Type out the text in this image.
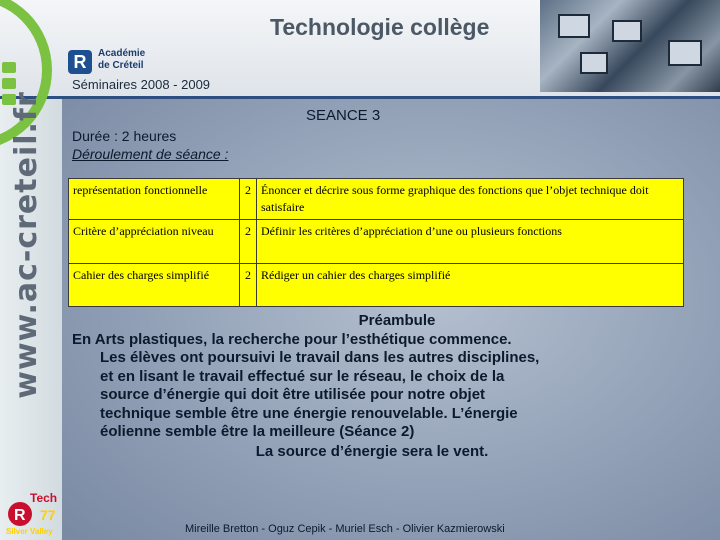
www.ac-creteil.fr
Technologie collège
R	Académie
de Créteil
Séminaires 2008 - 2009
SEANCE 3
Durée : 2 heures
Déroulement de séance :
représentation fonctionnelle	2	Énoncer et décrire sous forme graphique des fonctions que l’objet technique doit satisfaire
Critère d’appréciation niveau	2	Définir les critères d’appréciation d’une ou plusieurs fonctions
Cahier des charges simplifié	2	Rédiger un cahier des charges simplifié
Préambule
En Arts plastiques, la recherche pour l’esthétique commence.
Les élèves ont poursuivi le travail dans les autres disciplines,
et en lisant le travail effectué sur le réseau, le choix de la
source d’énergie qui doit être utilisée pour notre objet
technique semble être une énergie renouvelable. L’énergie
éolienne semble être la meilleure (Séance 2)
La source d’énergie sera le vent.
R
Tech
77
Silver Valley	Mireille Bretton - Oguz Cepik - Muriel Esch - Olivier Kazmierowski
